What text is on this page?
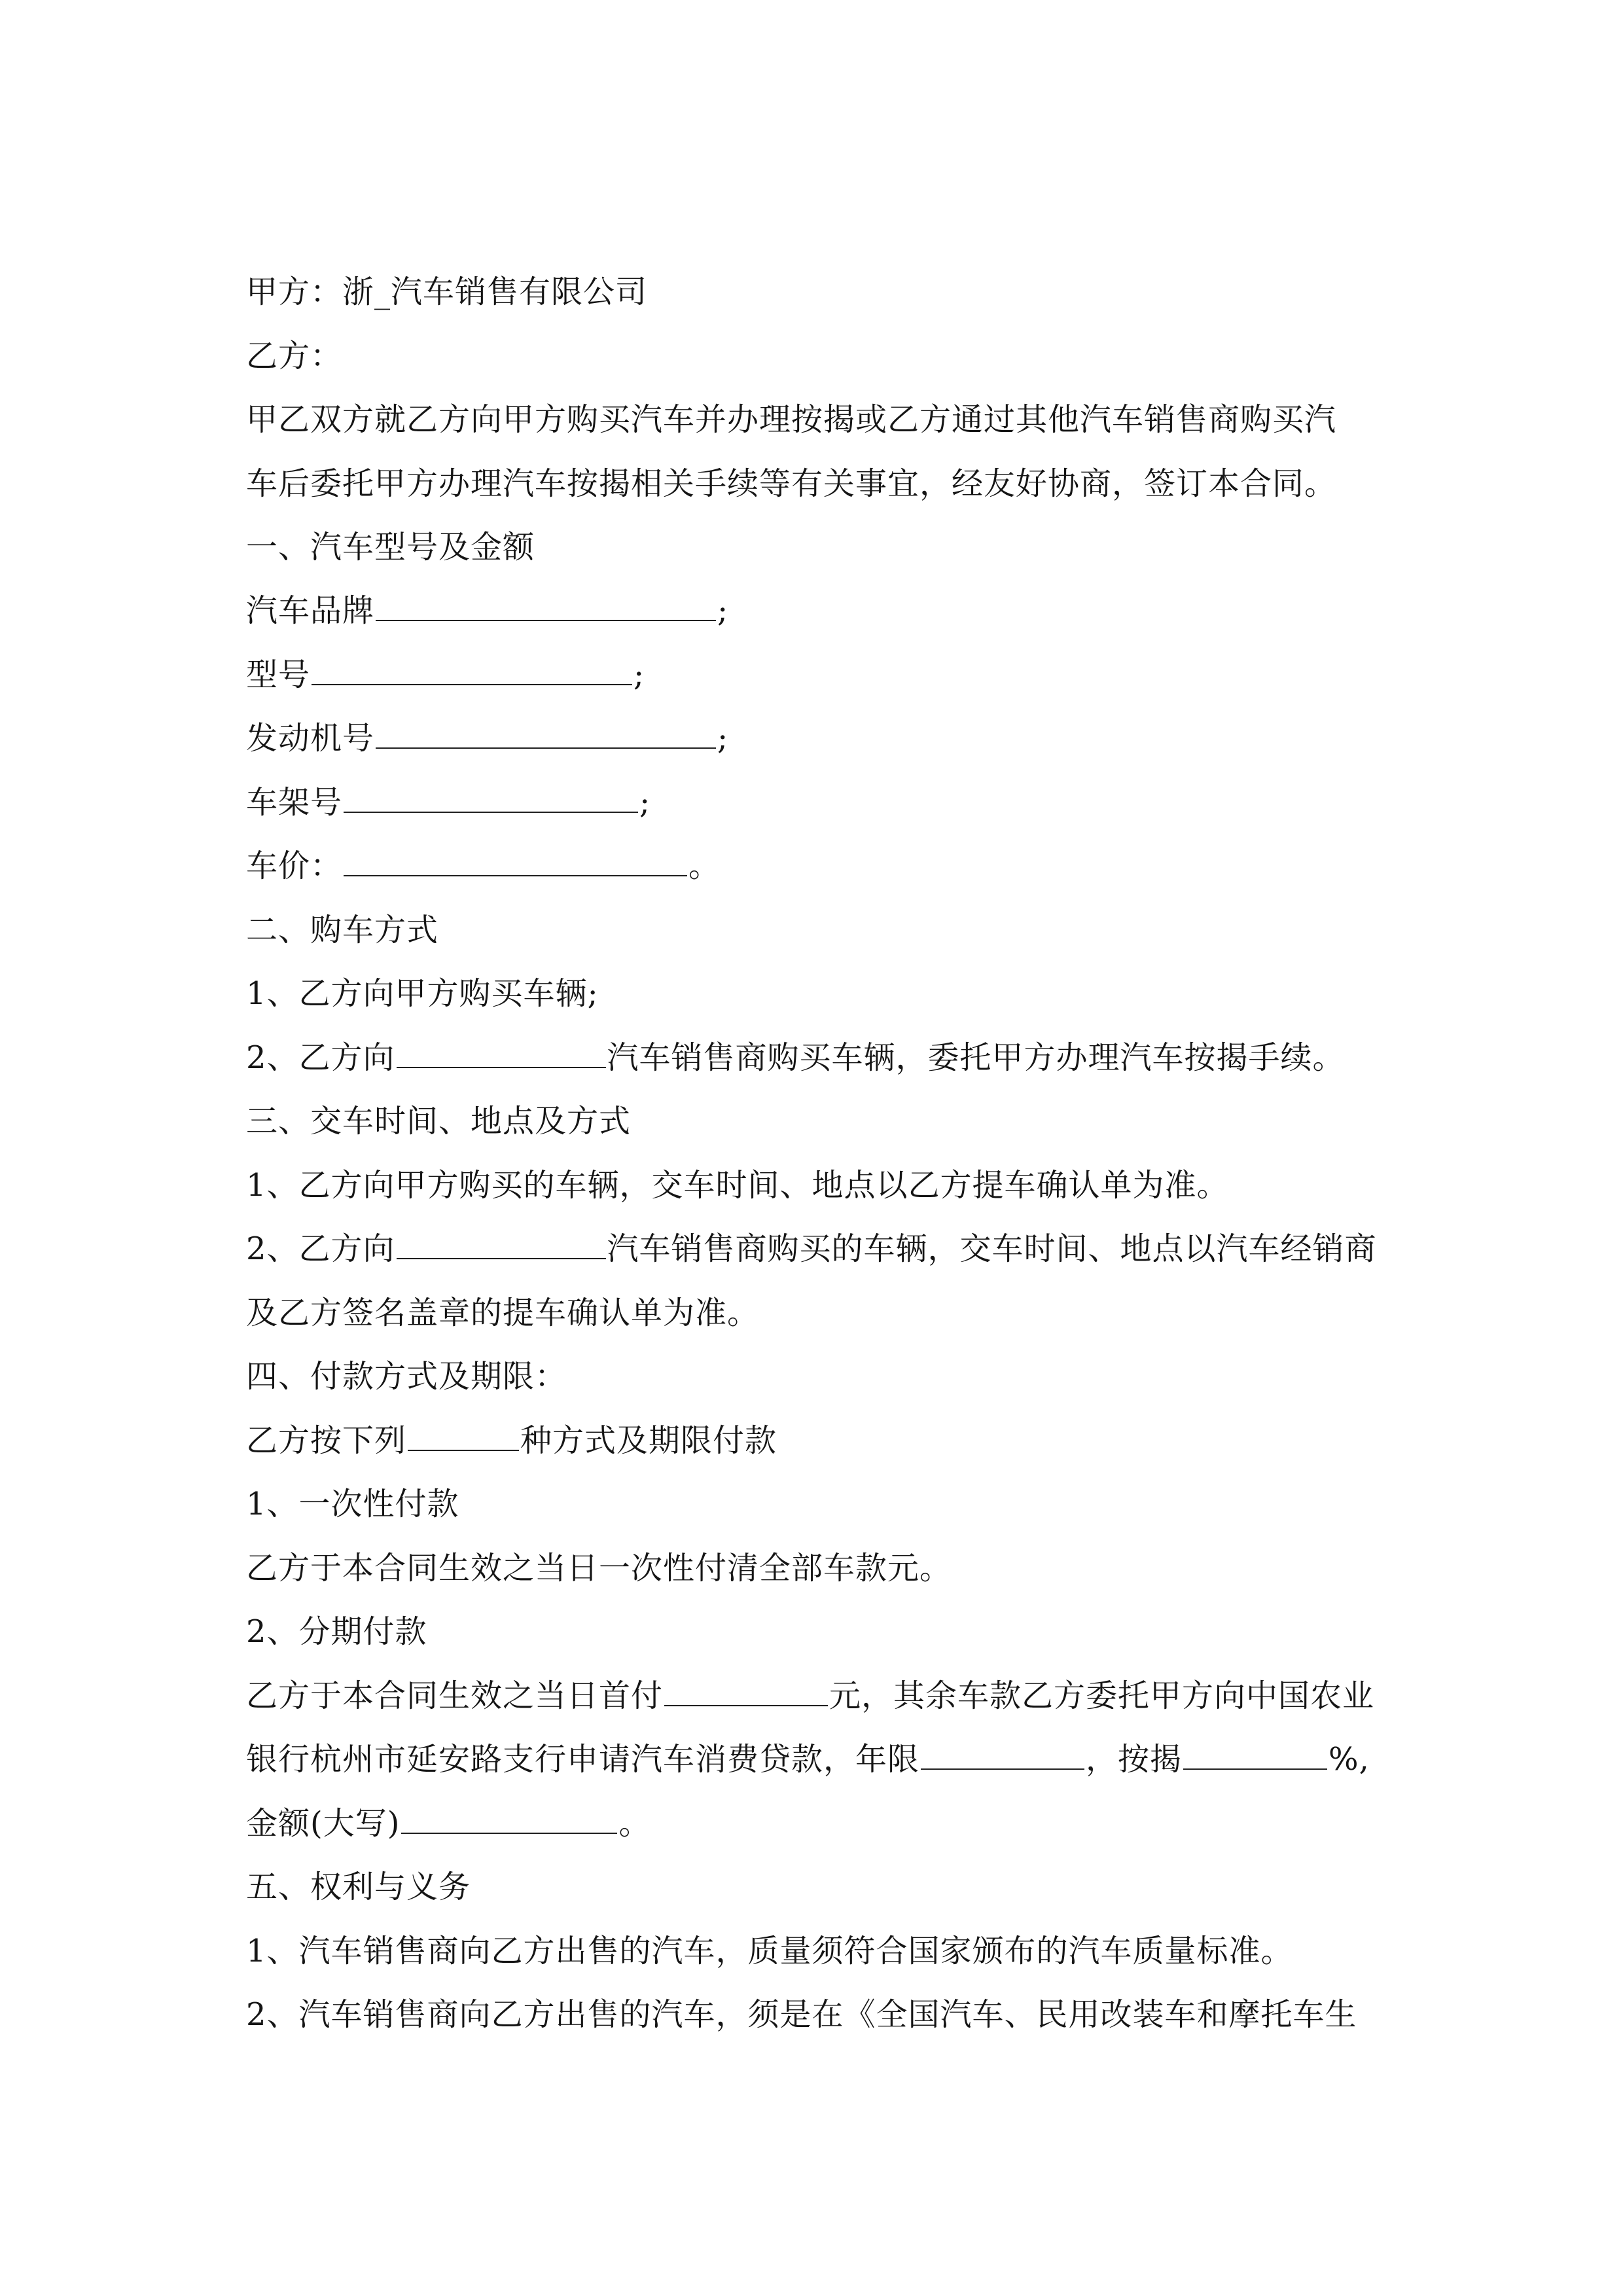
甲方：浙_汽车销售有限公司
乙方：
甲乙双方就乙方向甲方购买汽车并办理按揭或乙方通过其他汽车销售商购买汽
车后委托甲方办理汽车按揭相关手续等有关事宜，经友好协商，签订本合同。
一、汽车型号及金额
汽车品牌	;
型号	;
发动机号	;
车架号	;
车价：	。
二、购车方式
1、乙方向甲方购买车辆;
2、乙方向	汽车销售商购买车辆，委托甲方办理汽车按揭手续。
三、交车时间、地点及方式
1、乙方向甲方购买的车辆，交车时间、地点以乙方提车确认单为准。
2、乙方向	汽车销售商购买的车辆，交车时间、地点以汽车经销商
及乙方签名盖章的提车确认单为准。
四、付款方式及期限：
乙方按下列	种方式及期限付款
1、一次性付款
乙方于本合同生效之当日一次性付清全部车款元。
2、分期付款
乙方于本合同生效之当日首付	元，其余车款乙方委托甲方向中国农业
银行杭州市延安路支行申请汽车消费贷款，年限	，按揭	%,
金额(大写)	。
五、权利与义务
1、汽车销售商向乙方出售的汽车，质量须符合国家颁布的汽车质量标准。
2、汽车销售商向乙方出售的汽车，须是在《全国汽车、民用改装车和摩托车生
